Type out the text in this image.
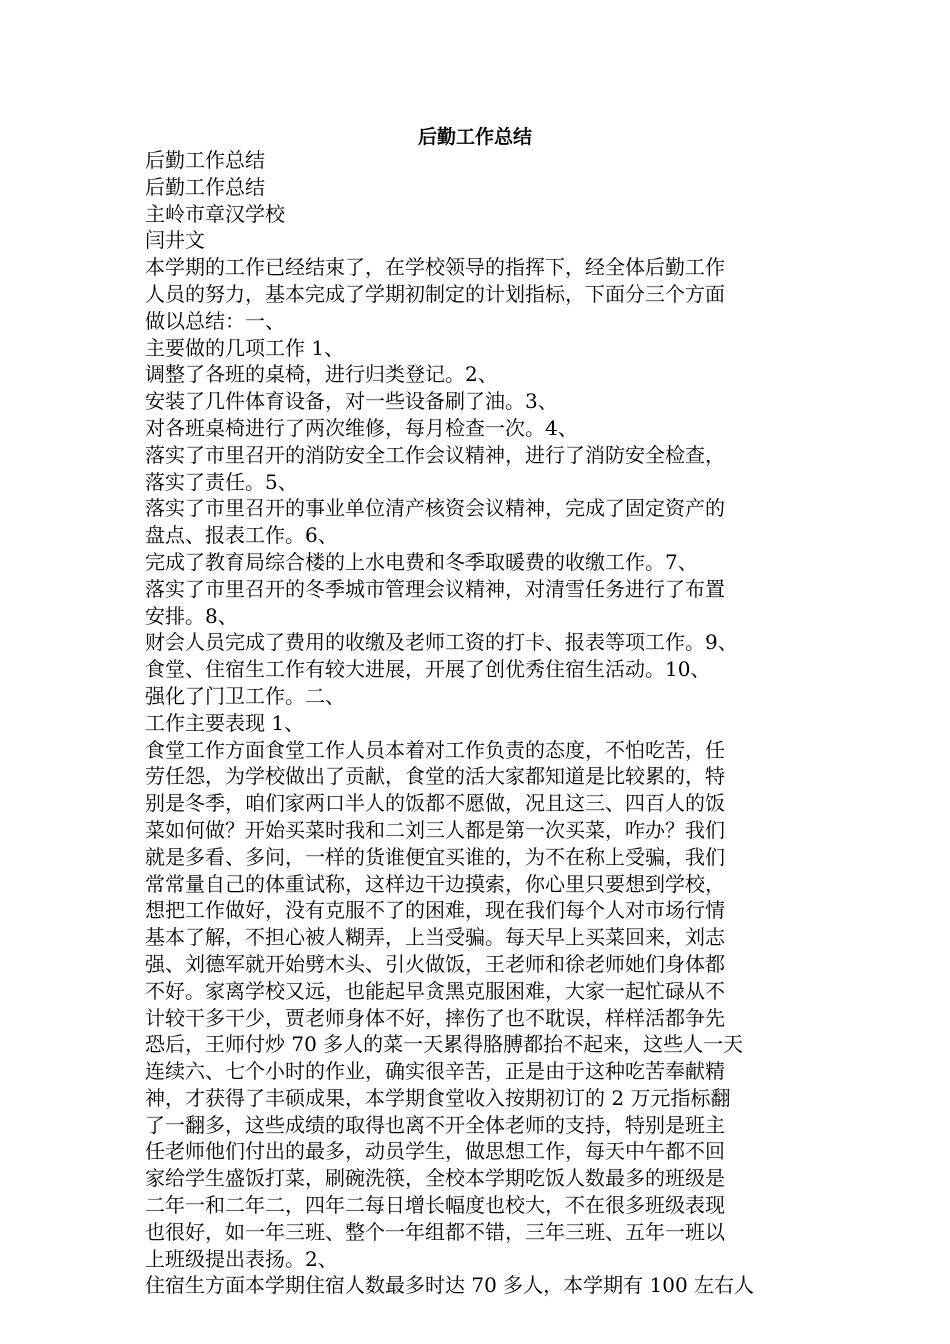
后勤工作总结
后勤工作总结
后勤工作总结
主岭市章汉学校
闫井文
本学期的工作已经结束了，在学校领导的指挥下，经全体后勤工作
人员的努力，基本完成了学期初制定的计划指标，下面分三个方面
做以总结：一、
主要做的几项工作 1、
调整了各班的桌椅，进行归类登记。2、
安装了几件体育设备，对一些设备刷了油。3、
对各班桌椅进行了两次维修，每月检查一次。4、
落实了市里召开的消防安全工作会议精神，进行了消防安全检查，
落实了责任。5、
落实了市里召开的事业单位清产核资会议精神，完成了固定资产的
盘点、报表工作。6、
完成了教育局综合楼的上水电费和冬季取暖费的收缴工作。7、
落实了市里召开的冬季城市管理会议精神，对清雪任务进行了布置
安排。8、
财会人员完成了费用的收缴及老师工资的打卡、报表等项工作。9、
食堂、住宿生工作有较大进展，开展了创优秀住宿生活动。10、
强化了门卫工作。二、
工作主要表现 1、
食堂工作方面食堂工作人员本着对工作负责的态度，不怕吃苦，任
劳任怨，为学校做出了贡献，食堂的活大家都知道是比较累的，特
别是冬季，咱们家两口半人的饭都不愿做，况且这三、四百人的饭
菜如何做？开始买菜时我和二刘三人都是第一次买菜，咋办？我们
就是多看、多问，一样的货谁便宜买谁的，为不在称上受骗，我们
常常量自己的体重试称，这样边干边摸索，你心里只要想到学校，
想把工作做好，没有克服不了的困难，现在我们每个人对市场行情
基本了解，不担心被人糊弄，上当受骗。每天早上买菜回来，刘志
强、刘德军就开始劈木头、引火做饭，王老师和徐老师她们身体都
不好。家离学校又远，也能起早贪黑克服困难，大家一起忙碌从不
计较干多干少，贾老师身体不好，摔伤了也不耽误，样样活都争先
恐后，王师付炒 70 多人的菜一天累得胳膊都抬不起来，这些人一天
连续六、七个小时的作业，确实很辛苦，正是由于这种吃苦奉献精
神，才获得了丰硕成果，本学期食堂收入按期初订的 2 万元指标翻
了一翻多，这些成绩的取得也离不开全体老师的支持，特别是班主
任老师他们付出的最多，动员学生，做思想工作，每天中午都不回
家给学生盛饭打菜，刷碗洗筷，全校本学期吃饭人数最多的班级是
二年一和二年二，四年二每日增长幅度也校大，不在很多班级表现
也很好，如一年三班、整个一年组都不错，三年三班、五年一班以
上班级提出表扬。2、
住宿生方面本学期住宿人数最多时达 70 多人，本学期有 100 左右人
